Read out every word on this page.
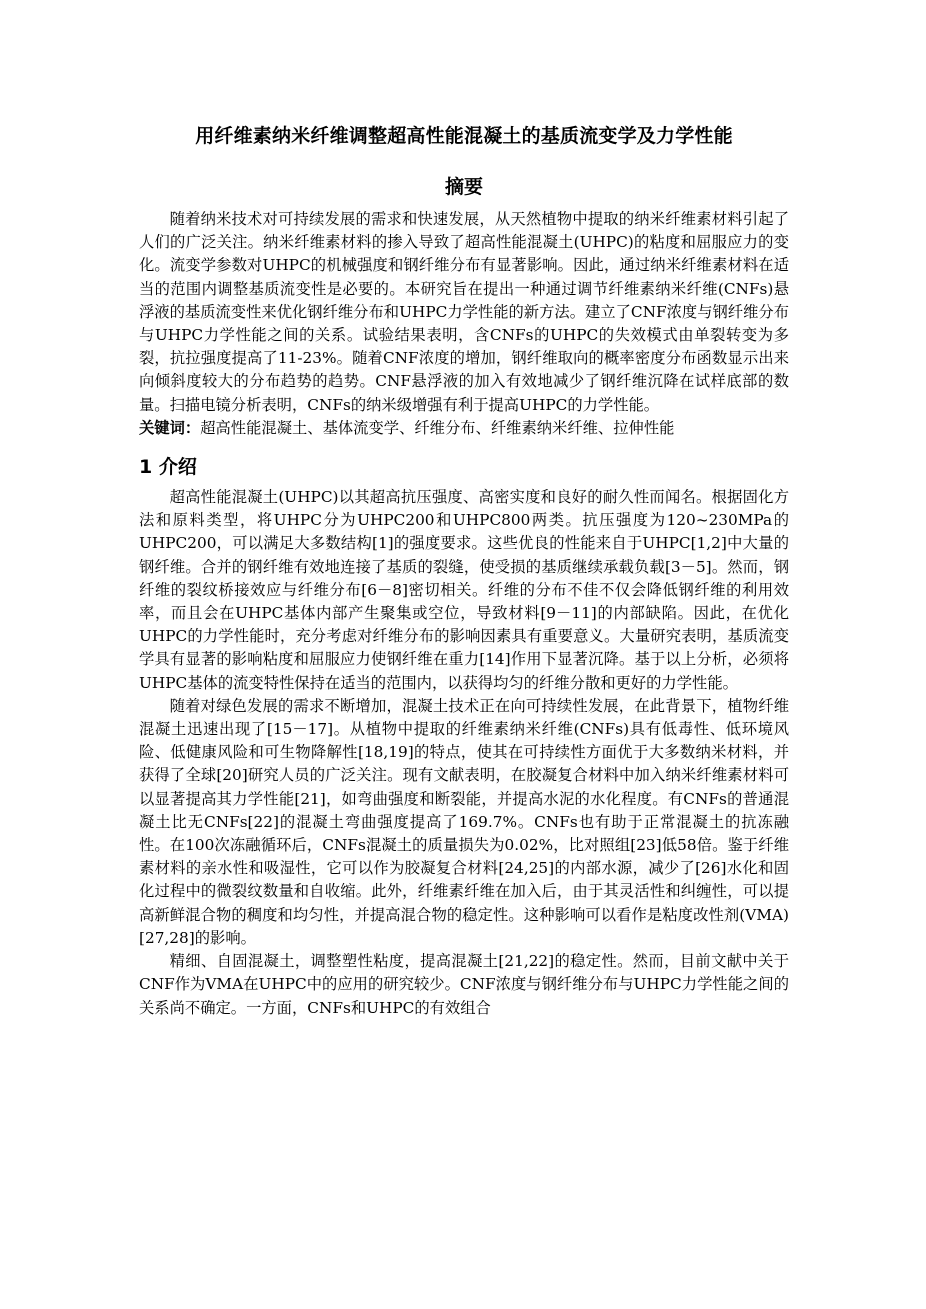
用纤维素纳米纤维调整超高性能混凝土的基质流变学及力学性能
摘要

随着纳米技术对可持续发展的需求和快速发展，从天然植物中提取的纳米纤维素材料引起了人们的广泛关注。纳米纤维素材料的掺入导致了超高性能混凝土(UHPC)的粘度和屈服应力的变化。流变学参数对UHPC的机械强度和钢纤维分布有显著影响。因此，通过纳米纤维素材料在适当的范围内调整基质流变性是必要的。本研究旨在提出一种通过调节纤维素纳米纤维(CNFs)悬浮液的基质流变性来优化钢纤维分布和UHPC力学性能的新方法。建立了CNF浓度与钢纤维分布与UHPC力学性能之间的关系。试验结果表明，含CNFs的UHPC的失效模式由单裂转变为多裂，抗拉强度提高了11-23%。随着CNF浓度的增加，钢纤维取向的概率密度分布函数显示出来向倾斜度较大的分布趋势的趋势。CNF悬浮液的加入有效地减少了钢纤维沉降在试样底部的数量。扫描电镜分析表明，CNFs的纳米级增强有利于提高UHPC的力学性能。

关键词：超高性能混凝土、基体流变学、纤维分布、纤维素纳米纤维、拉伸性能
1 介绍

超高性能混凝土(UHPC)以其超高抗压强度、高密实度和良好的耐久性而闻名。根据固化方法和原料类型，将UHPC分为UHPC200和UHPC800两类。抗压强度为120~230MPa的UHPC200，可以满足大多数结构[1]的强度要求。这些优良的性能来自于UHPC[1,2]中大量的钢纤维。合并的钢纤维有效地连接了基质的裂缝，使受损的基质继续承载负载[3－5]。然而，钢纤维的裂纹桥接效应与纤维分布[6－8]密切相关。纤维的分布不佳不仅会降低钢纤维的利用效率，而且会在UHPC基体内部产生聚集或空位，导致材料[9－11]的内部缺陷。因此，在优化UHPC的力学性能时，充分考虑对纤维分布的影响因素具有重要意义。大量研究表明，基质流变学具有显著的影响粘度和屈服应力使钢纤维在重力[14]作用下显著沉降。基于以上分析，必须将UHPC基体的流变特性保持在适当的范围内，以获得均匀的纤维分散和更好的力学性能。

随着对绿色发展的需求不断增加，混凝土技术正在向可持续性发展，在此背景下，植物纤维混凝土迅速出现了[15－17]。从植物中提取的纤维素纳米纤维(CNFs)具有低毒性、低环境风险、低健康风险和可生物降解性[18,19]的特点，使其在可持续性方面优于大多数纳米材料，并获得了全球[20]研究人员的广泛关注。现有文献表明，在胶凝复合材料中加入纳米纤维素材料可以显著提高其力学性能[21]，如弯曲强度和断裂能，并提高水泥的水化程度。有CNFs的普通混凝土比无CNFs[22]的混凝土弯曲强度提高了169.7%。CNFs也有助于正常混凝土的抗冻融性。在100次冻融循环后，CNFs混凝土的质量损失为0.02%，比对照组[23]低58倍。鉴于纤维素材料的亲水性和吸湿性，它可以作为胶凝复合材料[24,25]的内部水源，减少了[26]水化和固化过程中的微裂纹数量和自收缩。此外，纤维素纤维在加入后，由于其灵活性和纠缠性，可以提高新鲜混合物的稠度和均匀性，并提高混合物的稳定性。这种影响可以看作是粘度改性剂(VMA)[27,28]的影响。

精细、自固混凝土，调整塑性粘度，提高混凝土[21,22]的稳定性。然而，目前文献中关于CNF作为VMA在UHPC中的应用的研究较少。CNF浓度与钢纤维分布与UHPC力学性能之间的关系尚不确定。一方面，CNFs和UHPC的有效组合
